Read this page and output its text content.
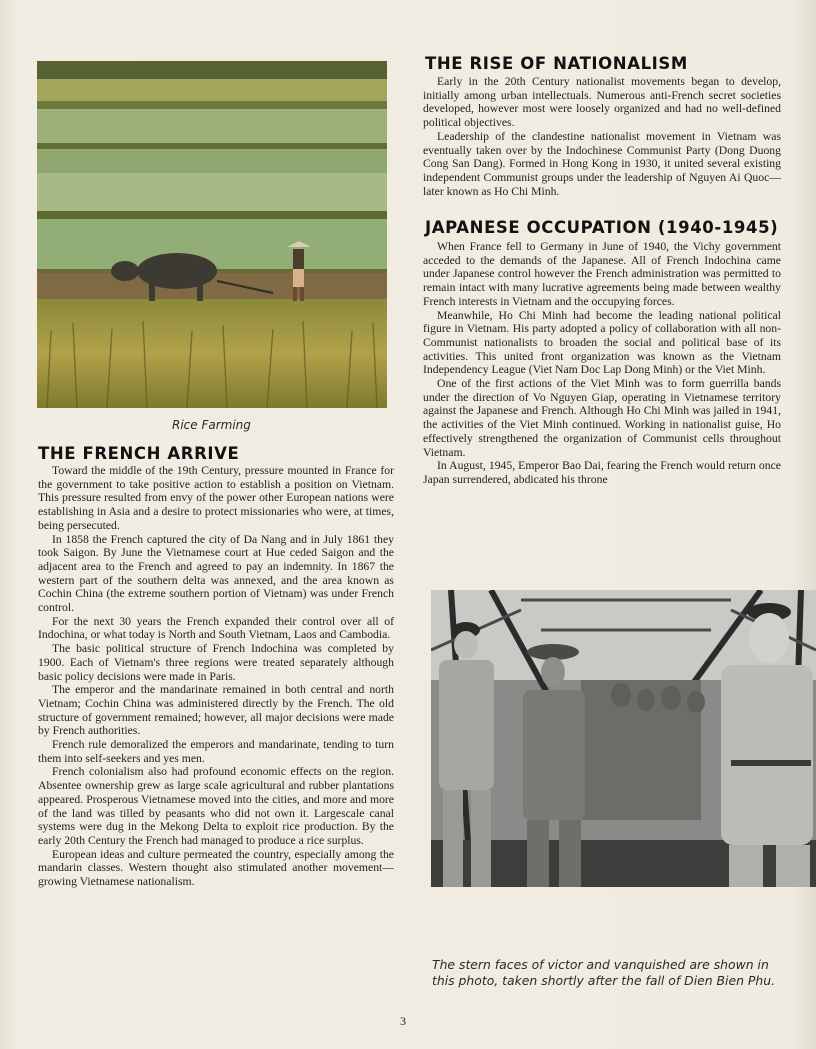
Rice Farming
The stern faces of victor and vanquished are shown in
this photo, taken shortly after the fall of Dien Bien Phu.
THE FRENCH ARRIVE

Toward the middle of the 19th Century, pressure mounted in France for the government to take positive action to establish a position on Vietnam. This pressure resulted from envy of the power other European nations were establishing in Asia and a desire to protect missionaries who were, at times, being persecuted.

In 1858 the French captured the city of Da Nang and in July 1861 they took Saigon. By June the Vietnamese court at Hue ceded Saigon and the adjacent area to the French and agreed to pay an indemnity. In 1867 the western part of the southern delta was annexed, and the area known as Cochin China (the extreme southern portion of Vietnam) was under French control.

For the next 30 years the French expanded their control over all of Indochina, or what today is North and South Vietnam, Laos and Cambodia.

The basic political structure of French Indochina was completed by 1900. Each of Vietnam's three regions were treated separately although basic policy decisions were made in Paris.

The emperor and the mandarinate remained in both central and north Vietnam; Cochin China was administered directly by the French. The old structure of government remained; however, all major decisions were made by French authorities.

French rule demoralized the emperors and mandarinate, tending to turn them into self-seekers and yes men.

French colonialism also had profound economic effects on the region. Absentee ownership grew as large scale agricultural and rubber plantations appeared. Prosperous Vietnamese moved into the cities, and more and more of the land was tilled by peasants who did not own it. Largescale canal systems were dug in the Mekong Delta to exploit rice production. By the early 20th Century the French had managed to produce a rice surplus.

European ideas and culture permeated the country, especially among the mandarin classes. Western thought also stimulated another movement—growing Vietnamese nationalism.

THE RISE OF NATIONALISM

Early in the 20th Century nationalist movements began to develop, initially among urban intellectuals. Numerous anti-French secret societies developed, however most were loosely organized and had no well-defined political objectives.

Leadership of the clandestine nationalist movement in Vietnam was eventually taken over by the Indochinese Communist Party (Dong Duong Cong San Dang). Formed in Hong Kong in 1930, it united several existing independent Communist groups under the leadership of Nguyen Ai Quoc—later known as Ho Chi Minh.

JAPANESE OCCUPATION (1940-1945)

When France fell to Germany in June of 1940, the Vichy government acceded to the demands of the Japanese. All of French Indochina came under Japanese control however the French administration was permitted to remain intact with many lucrative agreements being made between wealthy French interests in Vietnam and the occupying forces.

Meanwhile, Ho Chi Minh had become the leading national political figure in Vietnam. His party adopted a policy of collaboration with all non-Communist nationalists to broaden the social and political base of its activities. This united front organization was known as the Vietnam Independency League (Viet Nam Doc Lap Dong Minh) or the Viet Minh.

One of the first actions of the Viet Minh was to form guerrilla bands under the direction of Vo Nguyen Giap, operating in Vietnamese territory against the Japanese and French. Although Ho Chi Minh was jailed in 1941, the activities of the Viet Minh continued. Working in nationalist guise, Ho effectively strengthened the organization of Communist cells throughout Vietnam.

In August, 1945, Emperor Bao Dai, fearing the French would return once Japan surrendered, abdicated his throne

3
